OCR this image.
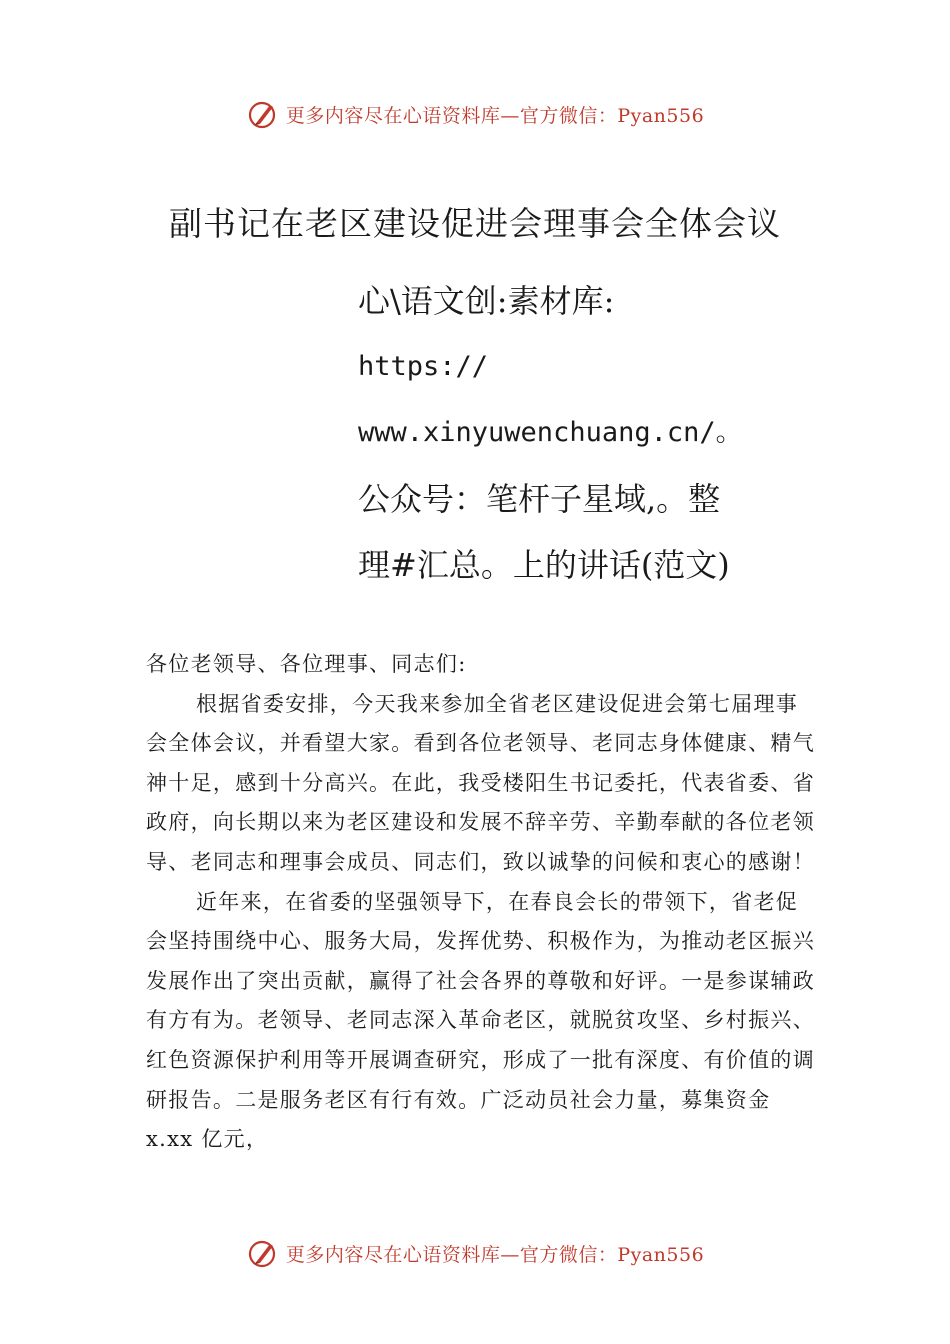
更多内容尽在心语资料库—官方微信：Pyan556
副书记在老区建设促进会理事会全体会议
心\语文创:素材库:
https://
www.xinyuwenchuang.cn/。
公众号：笔杆子星域,。整
理#汇总。上的讲话(范文)

各位老领导、各位理事、同志们:

根据省委安排，今天我来参加全省老区建设促进会第七届理事会全体会议，并看望大家。看到各位老领导、老同志身体健康、精气神十足，感到十分高兴。在此，我受楼阳生书记委托，代表省委、省政府，向长期以来为老区建设和发展不辞辛劳、辛勤奉献的各位老领导、老同志和理事会成员、同志们，致以诚挚的问候和衷心的感谢！

近年来，在省委的坚强领导下，在春良会长的带领下，省老促会坚持围绕中心、服务大局，发挥优势、积极作为，为推动老区振兴发展作出了突出贡献，赢得了社会各界的尊敬和好评。一是参谋辅政有方有为。老领导、老同志深入革命老区，就脱贫攻坚、乡村振兴、红色资源保护利用等开展调查研究，形成了一批有深度、有价值的调研报告。二是服务老区有行有效。广泛动员社会力量，募集资金 x.xx 亿元，

更多内容尽在心语资料库—官方微信：Pyan556
